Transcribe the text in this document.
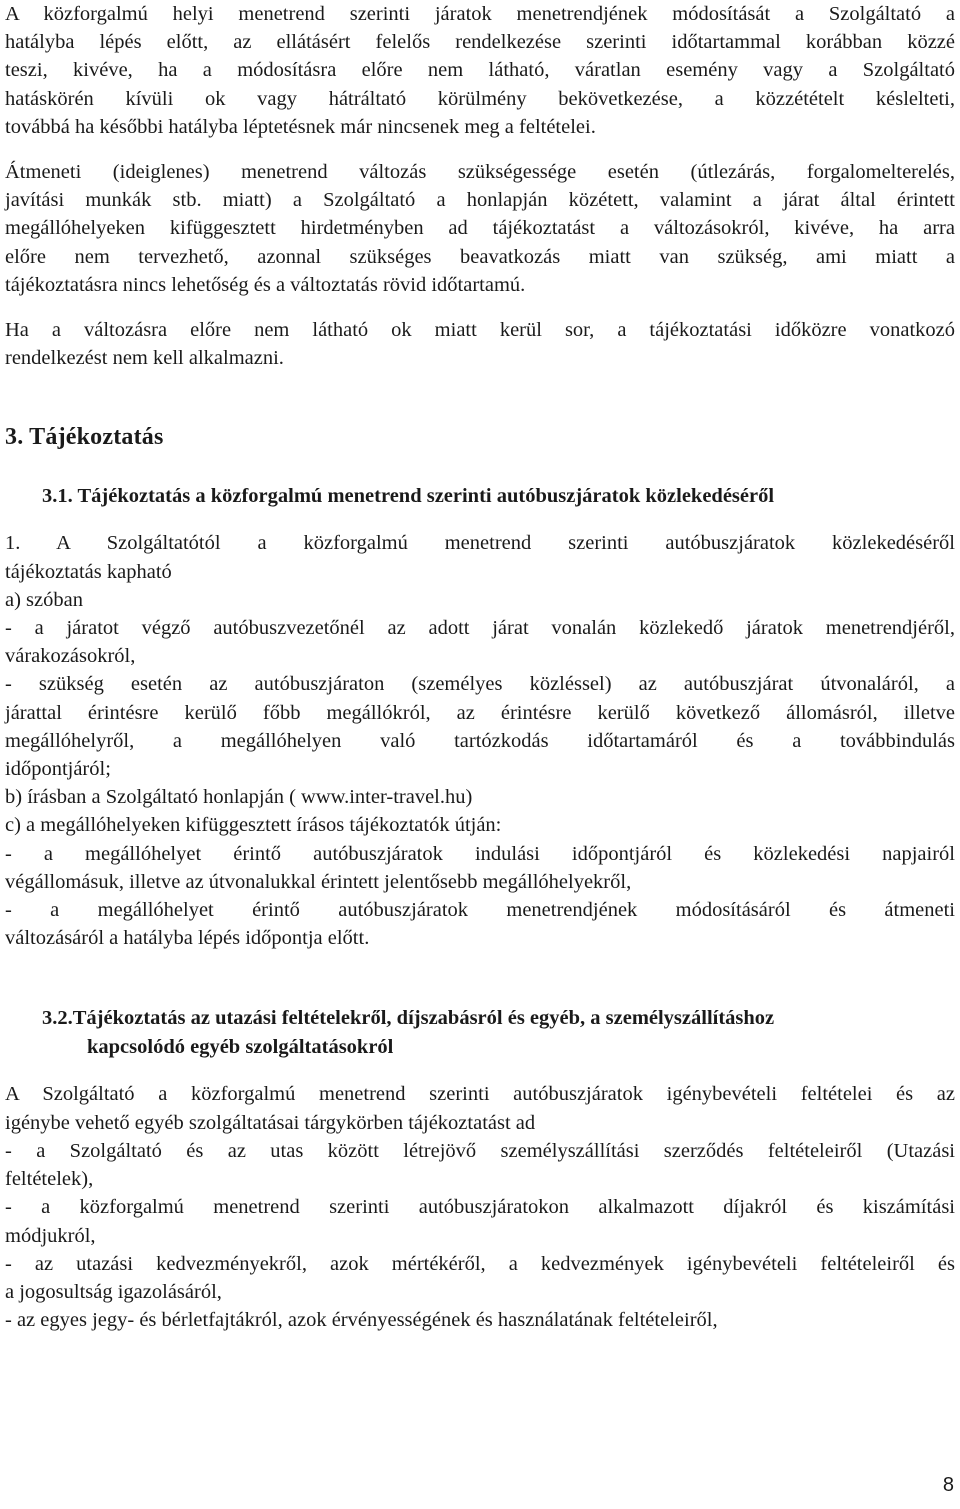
A közforgalmú helyi menetrend szerinti járatok menetrendjének módosítását a Szolgáltató a
hatályba lépés előtt, az ellátásért felelős rendelkezése szerinti időtartammal korábban közzé
teszi, kivéve, ha a módosításra előre nem látható, váratlan esemény vagy a Szolgáltató
hatáskörén kívüli ok vagy hátráltató körülmény bekövetkezése, a közzétételt késlelteti,
továbbá ha későbbi hatályba léptetésnek már nincsenek meg a feltételei.
Átmeneti (ideiglenes) menetrend változás szükségessége esetén (útlezárás, forgalomelterelés,
javítási munkák stb. miatt) a Szolgáltató a honlapján közétett, valamint a járat által érintett
megállóhelyeken kifüggesztett hirdetményben ad tájékoztatást a változásokról, kivéve, ha arra
előre nem tervezhető, azonnal szükséges beavatkozás miatt van szükség, ami miatt a
tájékoztatásra nincs lehetőség és a változtatás rövid időtartamú.
Ha a változásra előre nem látható ok miatt kerül sor, a tájékoztatási időközre vonatkozó
rendelkezést nem kell alkalmazni.
3. Tájékoztatás
3.1. Tájékoztatás a közforgalmú menetrend szerinti autóbuszjáratok közlekedéséről
1. A Szolgáltatótól a közforgalmú menetrend szerinti autóbuszjáratok közlekedéséről
tájékoztatás kapható
a) szóban
- a járatot végző autóbuszvezetőnél az adott járat vonalán közlekedő járatok menetrendjéről,
várakozásokról,
- szükség esetén az autóbuszjáraton (személyes közléssel) az autóbuszjárat útvonaláról, a
járattal érintésre kerülő főbb megállókról, az érintésre kerülő következő állomásról, illetve
megállóhelyről, a megállóhelyen való tartózkodás időtartamáról és a továbbindulás
időpontjáról;
b) írásban a Szolgáltató honlapján ( www.inter-travel.hu)
c) a megállóhelyeken kifüggesztett írásos tájékoztatók útján:
- a megállóhelyet érintő autóbuszjáratok indulási időpontjáról és közlekedési napjairól
végállomásuk, illetve az útvonalukkal érintett jelentősebb megállóhelyekről,
- a megállóhelyet érintő autóbuszjáratok menetrendjének módosításáról és átmeneti
változásáról a hatályba lépés időpontja előtt.
3.2.Tájékoztatás az utazási feltételekről, díjszabásról és egyéb, a személyszállításhoz
kapcsolódó egyéb szolgáltatásokról
A Szolgáltató a közforgalmú menetrend szerinti autóbuszjáratok igénybevételi feltételei és az
igénybe vehető egyéb szolgáltatásai tárgykörben tájékoztatást ad
- a Szolgáltató és az utas között létrejövő személyszállítási szerződés feltételeiről (Utazási
feltételek),
- a közforgalmú menetrend szerinti autóbuszjáratokon alkalmazott díjakról és kiszámítási
módjukról,
- az utazási kedvezményekről, azok mértékéről, a kedvezmények igénybevételi feltételeiről és
a jogosultság igazolásáról,
- az egyes jegy- és bérletfajtákról, azok érvényességének és használatának feltételeiről,
8
